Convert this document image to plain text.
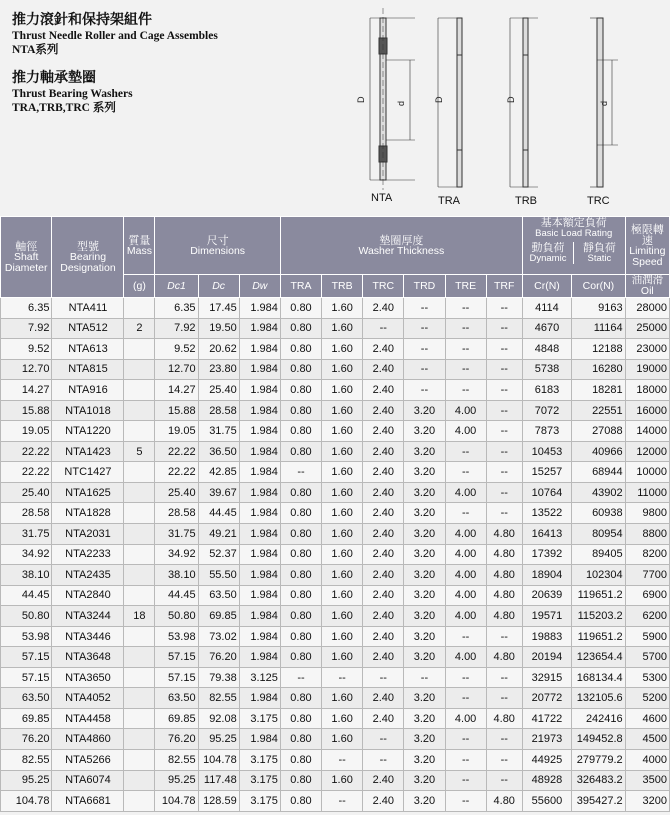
推力滾針和保持架組件
Thrust Needle Roller and Cage Assembles
NTA系列
推力軸承墊圈
Thrust Bearing Washers
TRA,TRB,TRC 系列
D
d
NTA
D
TRA
D
TRB
d
TRC
軸徑
Shaft Diameter

型號
Bearing Designation

質量
Mass

尺寸
Dimensions

墊圈厚度
Washer Thickness

基本額定負荷
Basic Load Rating
動負荷
Dynamic

靜負荷
Static

極限轉速
Limiting Speed

(g)	Dc1	Dc	Dw	TRA	TRB	TRC	TRD	TRE	TRF	Cr(N)	Cor(N)	油潤滑Oil
6.35	NTA411		6.35	17.45	1.984	0.80	1.60	2.40	--	--	--	4114	9163	28000
7.92	NTA512	2	7.92	19.50	1.984	0.80	1.60	--	--	--	--	4670	11164	25000
9.52	NTA613		9.52	20.62	1.984	0.80	1.60	2.40	--	--	--	4848	12188	23000
12.70	NTA815		12.70	23.80	1.984	0.80	1.60	2.40	--	--	--	5738	16280	19000
14.27	NTA916		14.27	25.40	1.984	0.80	1.60	2.40	--	--	--	6183	18281	18000
15.88	NTA1018		15.88	28.58	1.984	0.80	1.60	2.40	3.20	4.00	--	7072	22551	16000
19.05	NTA1220		19.05	31.75	1.984	0.80	1.60	2.40	3.20	4.00	--	7873	27088	14000
22.22	NTA1423	5	22.22	36.50	1.984	0.80	1.60	2.40	3.20	--	--	10453	40966	12000
22.22	NTC1427		22.22	42.85	1.984	--	1.60	2.40	3.20	--	--	15257	68944	10000
25.40	NTA1625		25.40	39.67	1.984	0.80	1.60	2.40	3.20	4.00	--	10764	43902	11000
28.58	NTA1828		28.58	44.45	1.984	0.80	1.60	2.40	3.20	--	--	13522	60938	9800
31.75	NTA2031		31.75	49.21	1.984	0.80	1.60	2.40	3.20	4.00	4.80	16413	80954	8800
34.92	NTA2233		34.92	52.37	1.984	0.80	1.60	2.40	3.20	4.00	4.80	17392	89405	8200
38.10	NTA2435		38.10	55.50	1.984	0.80	1.60	2.40	3.20	4.00	4.80	18904	102304	7700
44.45	NTA2840		44.45	63.50	1.984	0.80	1.60	2.40	3.20	4.00	4.80	20639	119651.2	6900
50.80	NTA3244	18	50.80	69.85	1.984	0.80	1.60	2.40	3.20	4.00	4.80	19571	115203.2	6200
53.98	NTA3446		53.98	73.02	1.984	0.80	1.60	2.40	3.20	--	--	19883	119651.2	5900
57.15	NTA3648		57.15	76.20	1.984	0.80	1.60	2.40	3.20	4.00	4.80	20194	123654.4	5700
57.15	NTA3650		57.15	79.38	3.125	--	--	--	--	--	--	32915	168134.4	5300
63.50	NTA4052		63.50	82.55	1.984	0.80	1.60	2.40	3.20	--	--	20772	132105.6	5200
69.85	NTA4458		69.85	92.08	3.175	0.80	1.60	2.40	3.20	4.00	4.80	41722	242416	4600
76.20	NTA4860		76.20	95.25	1.984	0.80	1.60	--	3.20	--	--	21973	149452.8	4500
82.55	NTA5266		82.55	104.78	3.175	0.80	--	--	3.20	--	--	44925	279779.2	4000
95.25	NTA6074		95.25	117.48	3.175	0.80	1.60	2.40	3.20	--	--	48928	326483.2	3500
104.78	NTA6681		104.78	128.59	3.175	0.80	--	2.40	3.20	--	4.80	55600	395427.2	3200
